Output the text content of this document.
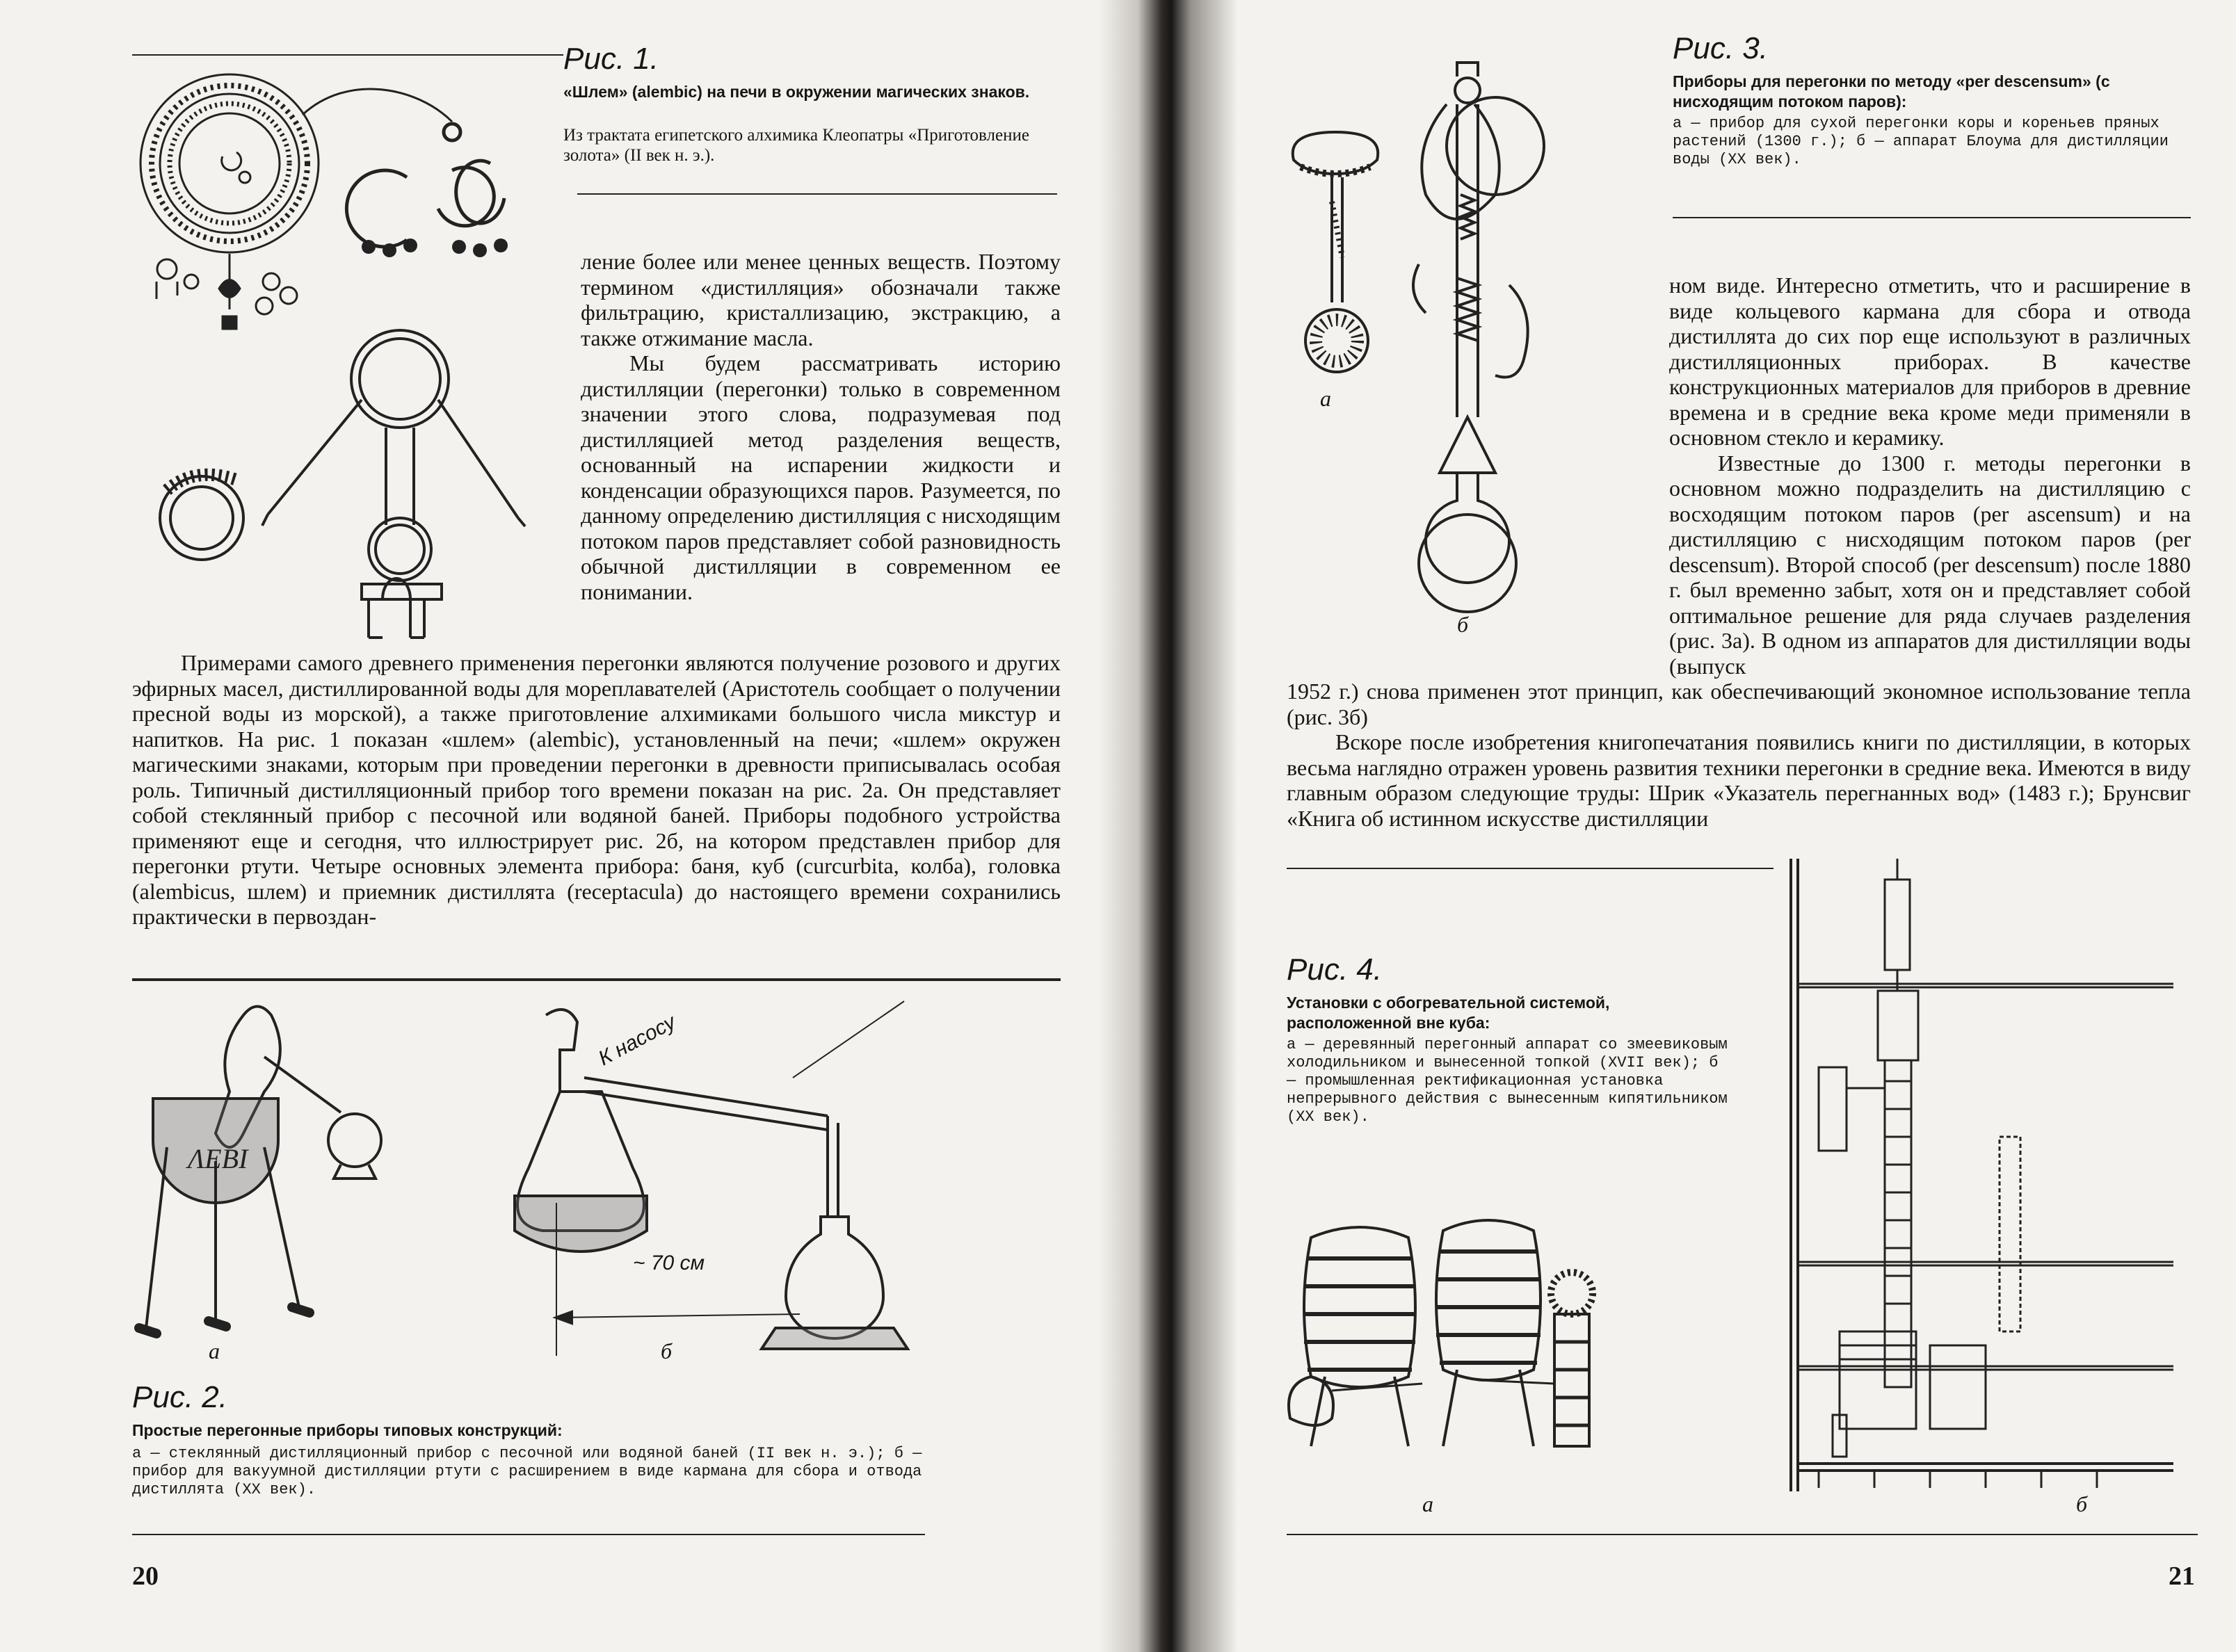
Рис. 1.
«Шлем» (alembic) на печи в окружении магических знаков.
Из трактата египетского алхимика Клеопатры «Приготовление золота» (II век н. э.).

ление более или менее ценных веществ. Поэтому термином «дистилляция» обозначали также фильтрацию, кристаллизацию, экстракцию, а также отжимание масла.

Мы будем рассматривать историю дистилляции (перегонки) только в современном значении этого слова, подразумевая под дистилляцией метод разделения веществ, основанный на испарении жидкости и конденсации образующихся паров. Разумеется, по данному определению дистилляция с нисходящим потоком паров представляет собой разновидность обычной дистилляции в современном ее понимании.

Примерами самого древнего применения перегонки являются получение розового и других эфирных масел, дистиллированной воды для мореплавателей (Аристотель сообщает о получении пресной воды из морской), а также приготовление алхимиками большого числа микстур и напитков. На рис. 1 показан «шлем» (alembic), установленный на печи; «шлем» окружен магическими знаками, которым при проведении перегонки в древности приписывалась особая роль. Типичный дистилляционный прибор того времени показан на рис. 2а. Он представляет собой стеклянный прибор с песочной или водяной баней. Приборы подобного устройства применяют еще и сегодня, что иллюстрирует рис. 2б, на котором представлен прибор для перегонки ртути. Четыре основных элемента прибора: баня, куб (curcurbita, колба), головка (alembicus, шлем) и приемник дистиллята (receptacula) до настоящего времени сохранились практически в первоздан-
ΛΕΒΙ
К насосу
~ 70 см
а	б
Рис. 2.
Простые перегонные приборы типовых конструкций:
а — стеклянный дистилляционный прибор с песочной или водяной баней (II век н. э.); б — прибор для вакуумной дистилляции ртути с расширением в виде кармана для сбора и отвода дистиллята (XX век).
20
а
б
Рис. 3.
Приборы для перегонки по методу «per descensum» (с нисходящим потоком паров):
а — прибор для сухой перегонки коры и кореньев пряных растений (1300 г.); б — аппарат Блоума для дистилляции воды (XX век).

ном виде. Интересно отметить, что и расширение в виде кольцевого кармана для сбора и отвода дистиллята до сих пор еще используют в различных дистилляционных приборах. В качестве конструкционных материалов для приборов в древние времена и в средние века кроме меди применяли в основном стекло и керамику.

Известные до 1300 г. методы перегонки в основном можно подразделить на дистилляцию с восходящим потоком паров (per ascensum) и на дистилляцию с нисходящим потоком паров (per descensum). Второй способ (per descensum) после 1880 г. был временно забыт, хотя он и представляет собой оптимальное решение для ряда случаев разделения (рис. 3а). В одном из аппаратов для дистилляции воды (выпуск

1952 г.) снова применен этот принцип, как обеспечивающий экономное использование тепла (рис. 3б)
Вскоре после изобретения книгопечатания появились книги по дистилляции, в которых весьма наглядно отражен уровень развития техники перегонки в средние века. Имеются в виду главным образом следующие труды: Шрик «Указатель перегнанных вод» (1483 г.); Брунсвиг «Книга об истинном искусстве дистилляции
Рис. 4.
Установки с обогревательной системой, расположенной вне куба:
а — деревянный перегонный аппарат со змеевиковым холодильником и вынесенной топкой (XVII век); б — промышленная ректификационная установка непрерывного действия с вынесенным кипятильником (XX век).
а	б
21
